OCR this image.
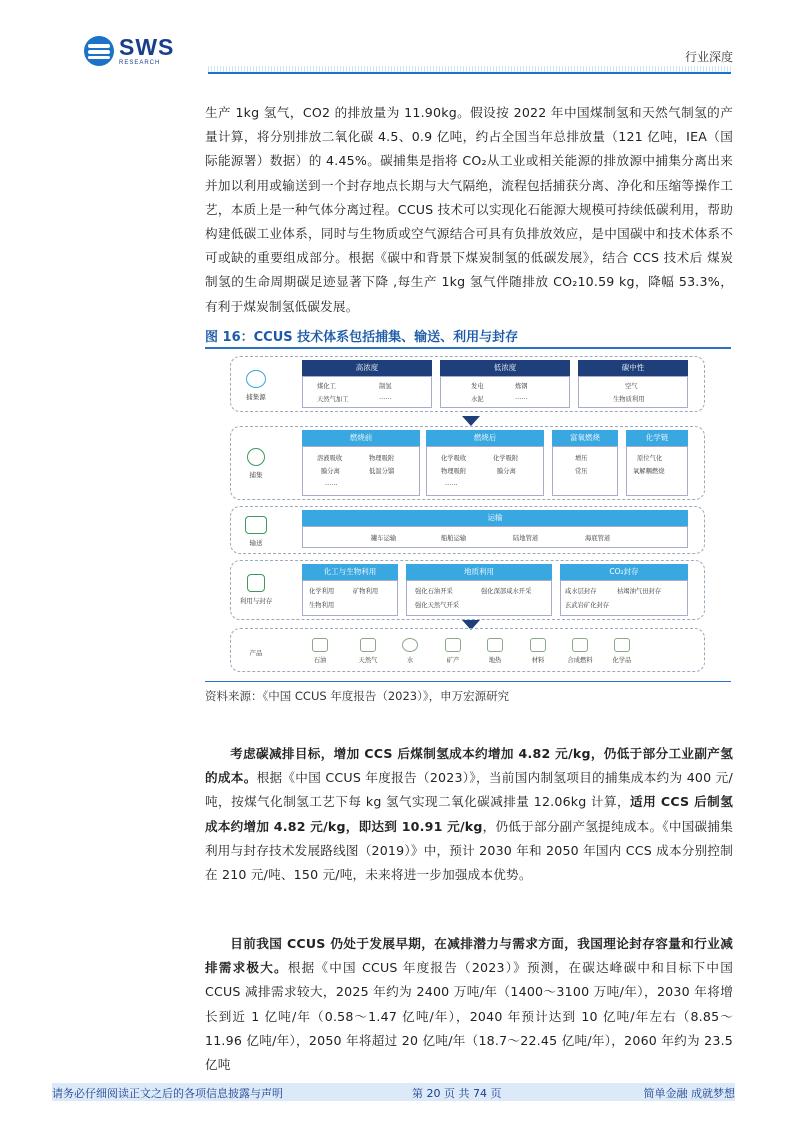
SWS
RESEARCH	行业深度
生产 1kg 氢气，CO2 的排放量为 11.90kg。假设按 2022 年中国煤制氢和天然气制氢的产量计算，将分别排放二氧化碳 4.5、0.9 亿吨，约占全国当年总排放量（121 亿吨，IEA（国际能源署）数据）的 4.45%。碳捕集是指将 CO₂从工业或相关能源的排放源中捕集分离出来并加以利用或输送到一个封存地点长期与大气隔绝，流程包括捕获分离、净化和压缩等操作工艺，本质上是一种气体分离过程。CCUS 技术可以实现化石能源大规模可持续低碳利用，帮助构建低碳工业体系，同时与生物质或空气源结合可具有负排放效应，是中国碳中和技术体系不可或缺的重要组成部分。根据《碳中和背景下煤炭制氢的低碳发展》，结合 CCS 技术后 煤炭制氢的生命周期碳足迹显著下降 ,每生产 1kg 氢气伴随排放 CO₂10.59 kg，降幅 53.3%，有利于煤炭制氢低碳发展。
图 16：CCUS 技术体系包括捕集、输送、利用与封存
捕集源
高浓度
煤化工	制氢
天然气加工	……
低浓度
发电	炼钢
水泥	……
碳中性
空气
生物质利用
捕集
燃烧前
溶液吸收	物理吸附
膜分离	低温分馏
……
燃烧后
化学吸收	化学吸附
物理吸附	膜分离
……
富氧燃烧
增压
常压
化学链
原位气化
氧解耦燃烧
输送
运输
罐车运输	船舶运输	陆地管道	海底管道
利用与封存
化工与生物利用
化学利用	矿物利用
生物利用
地质利用
强化石油开采	强化深部咸水开采
强化天然气开采
CO₂封存
咸水层封存	枯竭油气田封存
玄武岩矿化封存
产品
石油	天然气	水	矿产	地热	材料	合成燃料	化学品
资料来源：《中国 CCUS 年度报告（2023）》，申万宏源研究
考虑碳减排目标，增加 CCS 后煤制氢成本约增加 4.82 元/kg，仍低于部分工业副产氢的成本。根据《中国 CCUS 年度报告（2023）》，当前国内制氢项目的捕集成本约为 400 元/吨，按煤气化制氢工艺下每 kg 氢气实现二氧化碳减排量 12.06kg 计算，适用 CCS 后制氢成本约增加 4.82 元/kg，即达到 10.91 元/kg，仍低于部分副产氢提纯成本。《中国碳捕集利用与封存技术发展路线图（2019）》中，预计 2030 年和 2050 年国内 CCS 成本分别控制在 210 元/吨、150 元/吨，未来将进一步加强成本优势。
目前我国 CCUS 仍处于发展早期，在减排潜力与需求方面，我国理论封存容量和行业减排需求极大。根据《中国 CCUS 年度报告（2023）》预测，在碳达峰碳中和目标下中国 CCUS 减排需求较大，2025 年约为 2400 万吨/年（1400～3100 万吨/年），2030 年将增长到近 1 亿吨/年（0.58～1.47 亿吨/年），2040 年预计达到 10 亿吨/年左右（8.85～11.96 亿吨/年），2050 年将超过 20 亿吨/年（18.7～22.45 亿吨/年），2060 年约为 23.5 亿吨
请务必仔细阅读正文之后的各项信息披露与声明	第 20 页 共 74 页	简单金融 成就梦想
